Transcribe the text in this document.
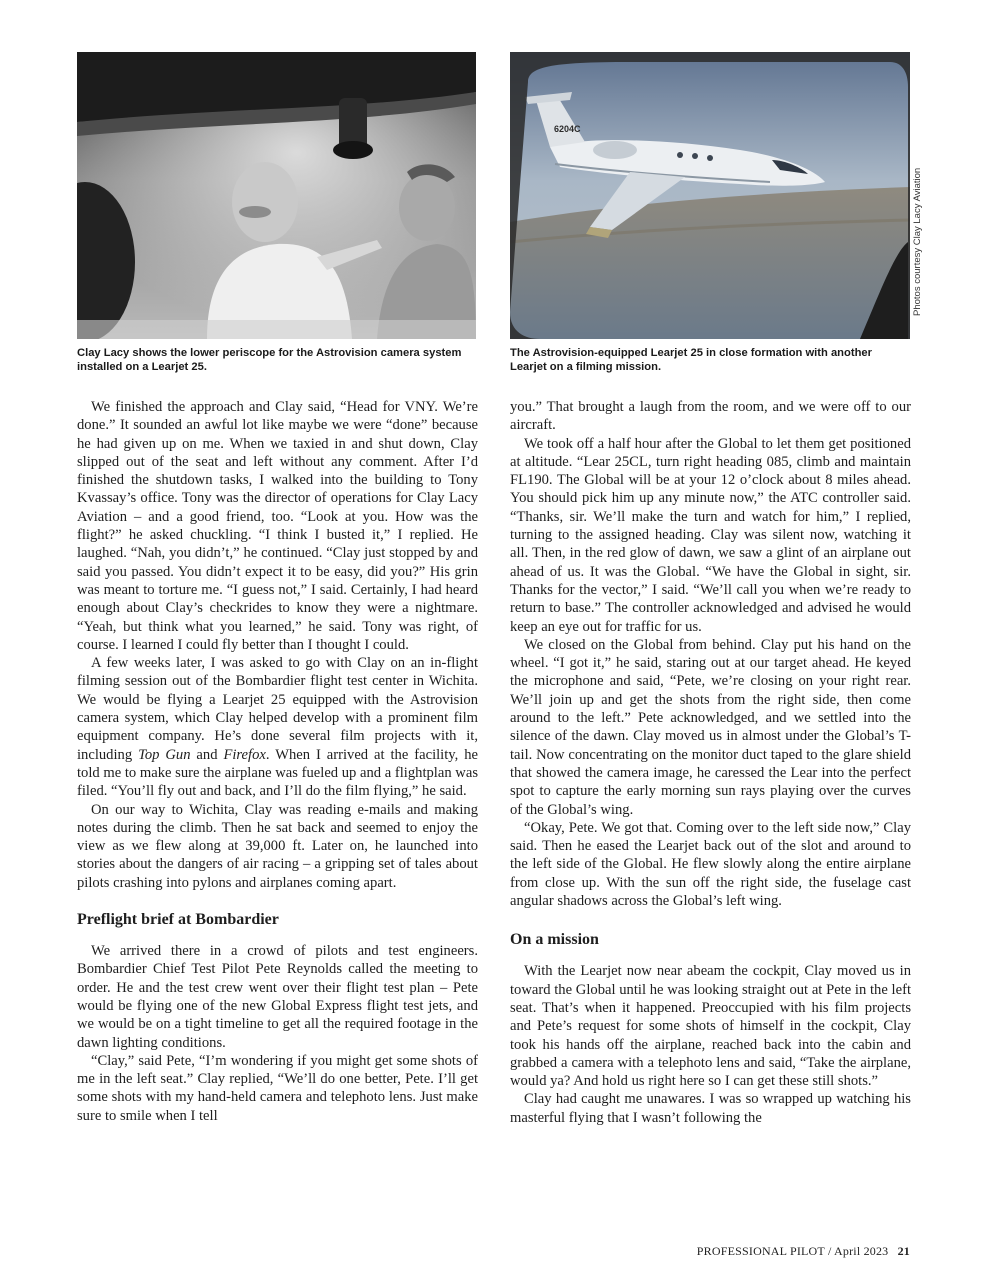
6204C
Photos courtesy Clay Lacy Aviation
Clay Lacy shows the lower periscope for the Astrovision camera system installed on a Learjet 25.
The Astrovision-equipped Learjet 25 in close formation with another Learjet on a filming mission.

We finished the approach and Clay said, “Head for VNY. We’re done.” It sounded an awful lot like maybe we were “done” because he had given up on me. When we taxied in and shut down, Clay slipped out of the seat and left without any comment. After I’d finished the shutdown tasks, I walked into the building to Tony Kvassay’s office. Tony was the director of operations for Clay Lacy Aviation – and a good friend, too. “Look at you. How was the flight?” he asked chuckling. “I think I busted it,” I replied. He laughed. “Nah, you didn’t,” he continued. “Clay just stopped by and said you passed. You didn’t expect it to be easy, did you?” His grin was meant to torture me. “I guess not,” I said. Certainly, I had heard enough about Clay’s checkrides to know they were a nightmare. “Yeah, but think what you learned,” he said. Tony was right, of course. I learned I could fly better than I thought I could.

A few weeks later, I was asked to go with Clay on an in-flight filming session out of the Bombardier flight test center in Wichita. We would be flying a Learjet 25 equipped with the Astrovision camera system, which Clay helped develop with a prominent film equipment company. He’s done several film projects with it, including Top Gun and Firefox. When I arrived at the facility, he told me to make sure the airplane was fueled up and a flightplan was filed. “You’ll fly out and back, and I’ll do the film flying,” he said.

On our way to Wichita, Clay was reading e-mails and making notes during the climb. Then he sat back and seemed to enjoy the view as we flew along at 39,000 ft. Later on, he launched into stories about the dangers of air racing – a gripping set of tales about pilots crashing into pylons and airplanes coming apart.

Preflight brief at Bombardier

We arrived there in a crowd of pilots and test engineers. Bombardier Chief Test Pilot Pete Reynolds called the meeting to order. He and the test crew went over their flight test plan – Pete would be flying one of the new Global Express flight test jets, and we would be on a tight timeline to get all the required footage in the dawn lighting conditions.

“Clay,” said Pete, “I’m wondering if you might get some shots of me in the left seat.” Clay replied, “We’ll do one better, Pete. I’ll get some shots with my hand-held camera and telephoto lens. Just make sure to smile when I tell

you.” That brought a laugh from the room, and we were off to our aircraft.

We took off a half hour after the Global to let them get positioned at altitude. “Lear 25CL, turn right heading 085, climb and maintain FL190. The Global will be at your 12 o’clock about 8 miles ahead. You should pick him up any minute now,” the ATC controller said. “Thanks, sir. We’ll make the turn and watch for him,” I replied, turning to the assigned heading. Clay was silent now, watching it all. Then, in the red glow of dawn, we saw a glint of an airplane out ahead of us. It was the Global. “We have the Global in sight, sir. Thanks for the vector,” I said. “We’ll call you when we’re ready to return to base.” The controller acknowledged and advised he would keep an eye out for traffic for us.

We closed on the Global from behind. Clay put his hand on the wheel. “I got it,” he said, staring out at our target ahead. He keyed the microphone and said, “Pete, we’re closing on your right rear. We’ll join up and get the shots from the right side, then come around to the left.” Pete acknowledged, and we settled into the silence of the dawn. Clay moved us in almost under the Global’s T-tail. Now concentrating on the monitor duct taped to the glare shield that showed the camera image, he caressed the Lear into the perfect spot to capture the early morning sun rays playing over the curves of the Global’s wing.

“Okay, Pete. We got that. Coming over to the left side now,” Clay said. Then he eased the Learjet back out of the slot and around to the left side of the Global. He flew slowly along the entire airplane from close up. With the sun off the right side, the fuselage cast angular shadows across the Global’s left wing.

On a mission

With the Learjet now near abeam the cockpit, Clay moved us in toward the Global until he was looking straight out at Pete in the left seat. That’s when it happened. Preoccupied with his film projects and Pete’s request for some shots of himself in the cockpit, Clay took his hands off the airplane, reached back into the cabin and grabbed a camera with a telephoto lens and said, “Take the airplane, would ya? And hold us right here so I can get these still shots.”

Clay had caught me unawares. I was so wrapped up watching his masterful flying that I wasn’t following the

PROFESSIONAL PILOT / April 2023 21
